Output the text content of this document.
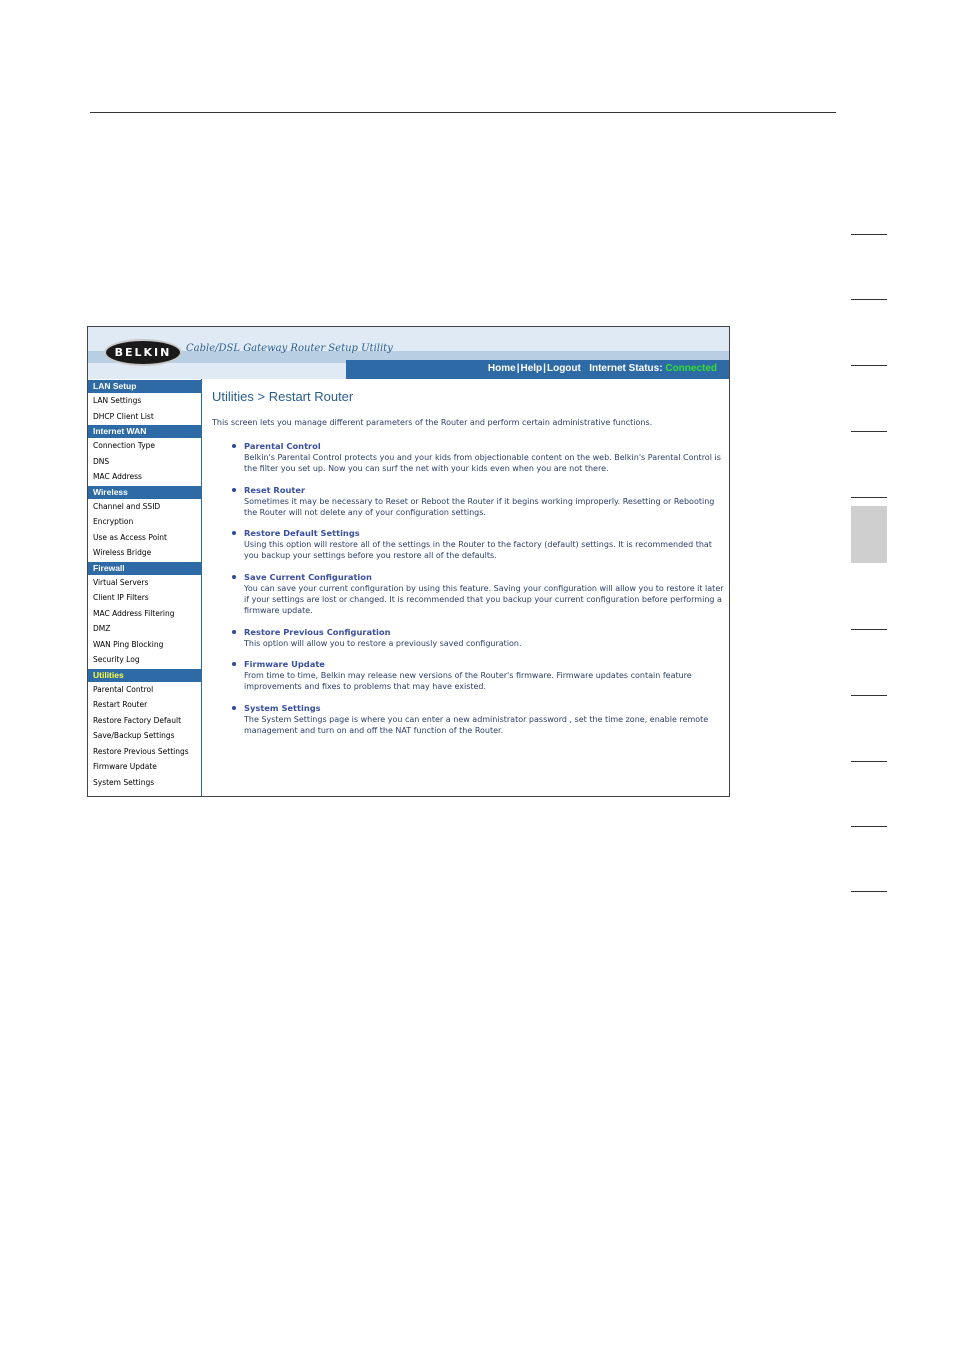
BELKIN	Cable/DSL Gateway Router Setup Utility
Home|Help|Logout Internet Status: Connected
LAN Setup
LAN Settings
DHCP Client List
Internet WAN
Connection Type
DNS
MAC Address
Wireless
Channel and SSID
Encryption
Use as Access Point
Wireless Bridge
Firewall
Virtual Servers
Client IP Filters
MAC Address Filtering
DMZ
WAN Ping Blocking
Security Log
Utilities
Parental Control
Restart Router
Restore Factory Default
Save/Backup Settings
Restore Previous Settings
Firmware Update
System Settings
Utilities > Restart Router
This screen lets you manage different parameters of the Router and perform certain administrative functions.
Parental Control
Belkin's Parental Control protects you and your kids from objectionable content on the web. Belkin's Parental Control is the filter you set up. Now you can surf the net with your kids even when you are not there.
Reset Router
Sometimes it may be necessary to Reset or Reboot the Router if it begins working improperly. Resetting or Rebooting the Router will not delete any of your configuration settings.
Restore Default Settings
Using this option will restore all of the settings in the Router to the factory (default) settings. It is recommended that you backup your settings before you restore all of the defaults.
Save Current Configuration
You can save your current configuration by using this feature. Saving your configuration will allow you to restore it later if your settings are lost or changed. It is recommended that you backup your current configuration before performing a firmware update.
Restore Previous Configuration
This option will allow you to restore a previously saved configuration.
Firmware Update
From time to time, Belkin may release new versions of the Router's firmware. Firmware updates contain feature improvements and fixes to problems that may have existed.
System Settings
The System Settings page is where you can enter a new administrator password , set the time zone, enable remote management and turn on and off the NAT function of the Router.
